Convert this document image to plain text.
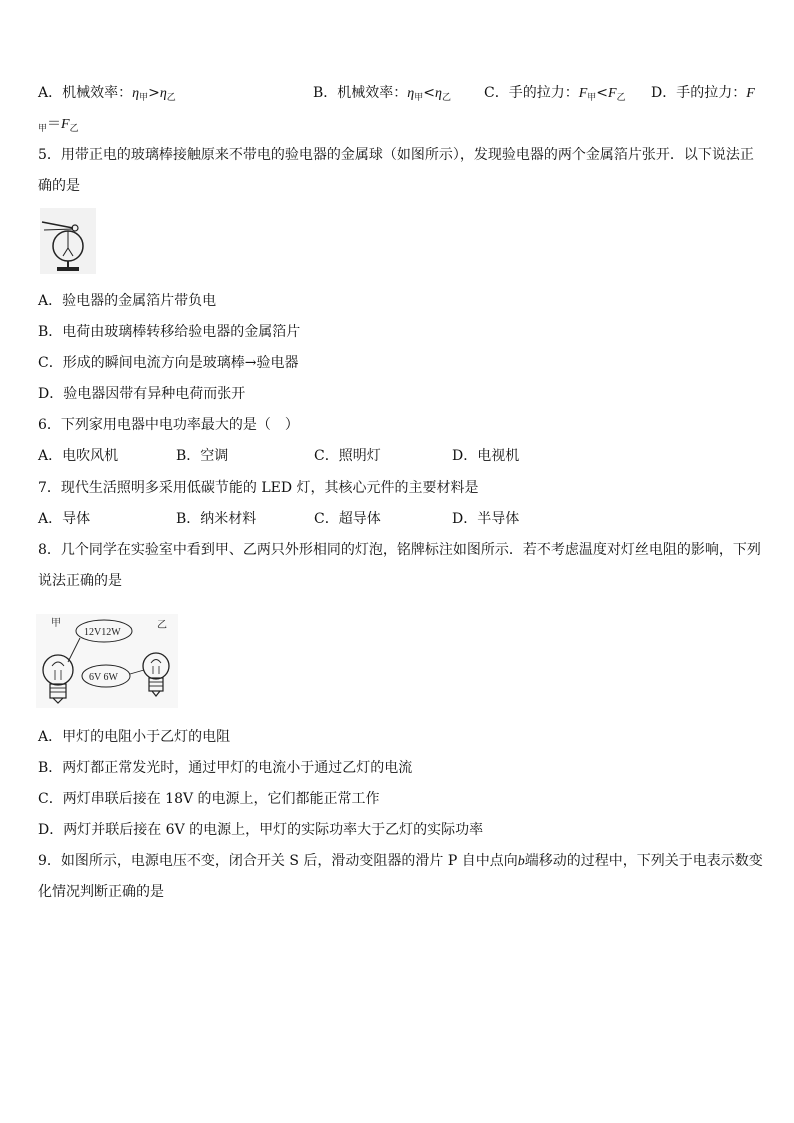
A．机械效率：$\eta_甲>\eta_乙$	B．机械效率：$\eta_甲<\eta_乙$ C．手的拉力：$F_甲<F_乙$ D．手的拉力：F
$_甲=F_乙$
5．用带正电的玻璃棒接触原来不带电的验电器的金属球（如图所示），发现验电器的两个金属箔片张开．以下说法正
确的是
A．验电器的金属箔片带负电
B．电荷由玻璃棒转移给验电器的金属箔片
C．形成的瞬间电流方向是玻璃棒→验电器
D．验电器因带有异种电荷而张开
6．下列家用电器中电功率最大的是（　）
A．电吹风机	B．空调	C．照明灯	D．电视机
7．现代生活照明多采用低碳节能的 LED 灯，其核心元件的主要材料是
A．导体	B．纳米材料	C．超导体	D．半导体
8．几个同学在实验室中看到甲、乙两只外形相同的灯泡，铭牌标注如图所示．若不考虑温度对灯丝电阻的影响，下列
说法正确的是
甲	乙
12V12W
6V 6W
A．甲灯的电阻小于乙灯的电阻
B．两灯都正常发光时，通过甲灯的电流小于通过乙灯的电流
C．两灯串联后接在 18V 的电源上，它们都能正常工作
D．两灯并联后接在 6V 的电源上，甲灯的实际功率大于乙灯的实际功率
9．如图所示，电源电压不变，闭合开关 S 后，滑动变阻器的滑片 P 自中点向b端移动的过程中，下列关于电表示数变
化情况判断正确的是
